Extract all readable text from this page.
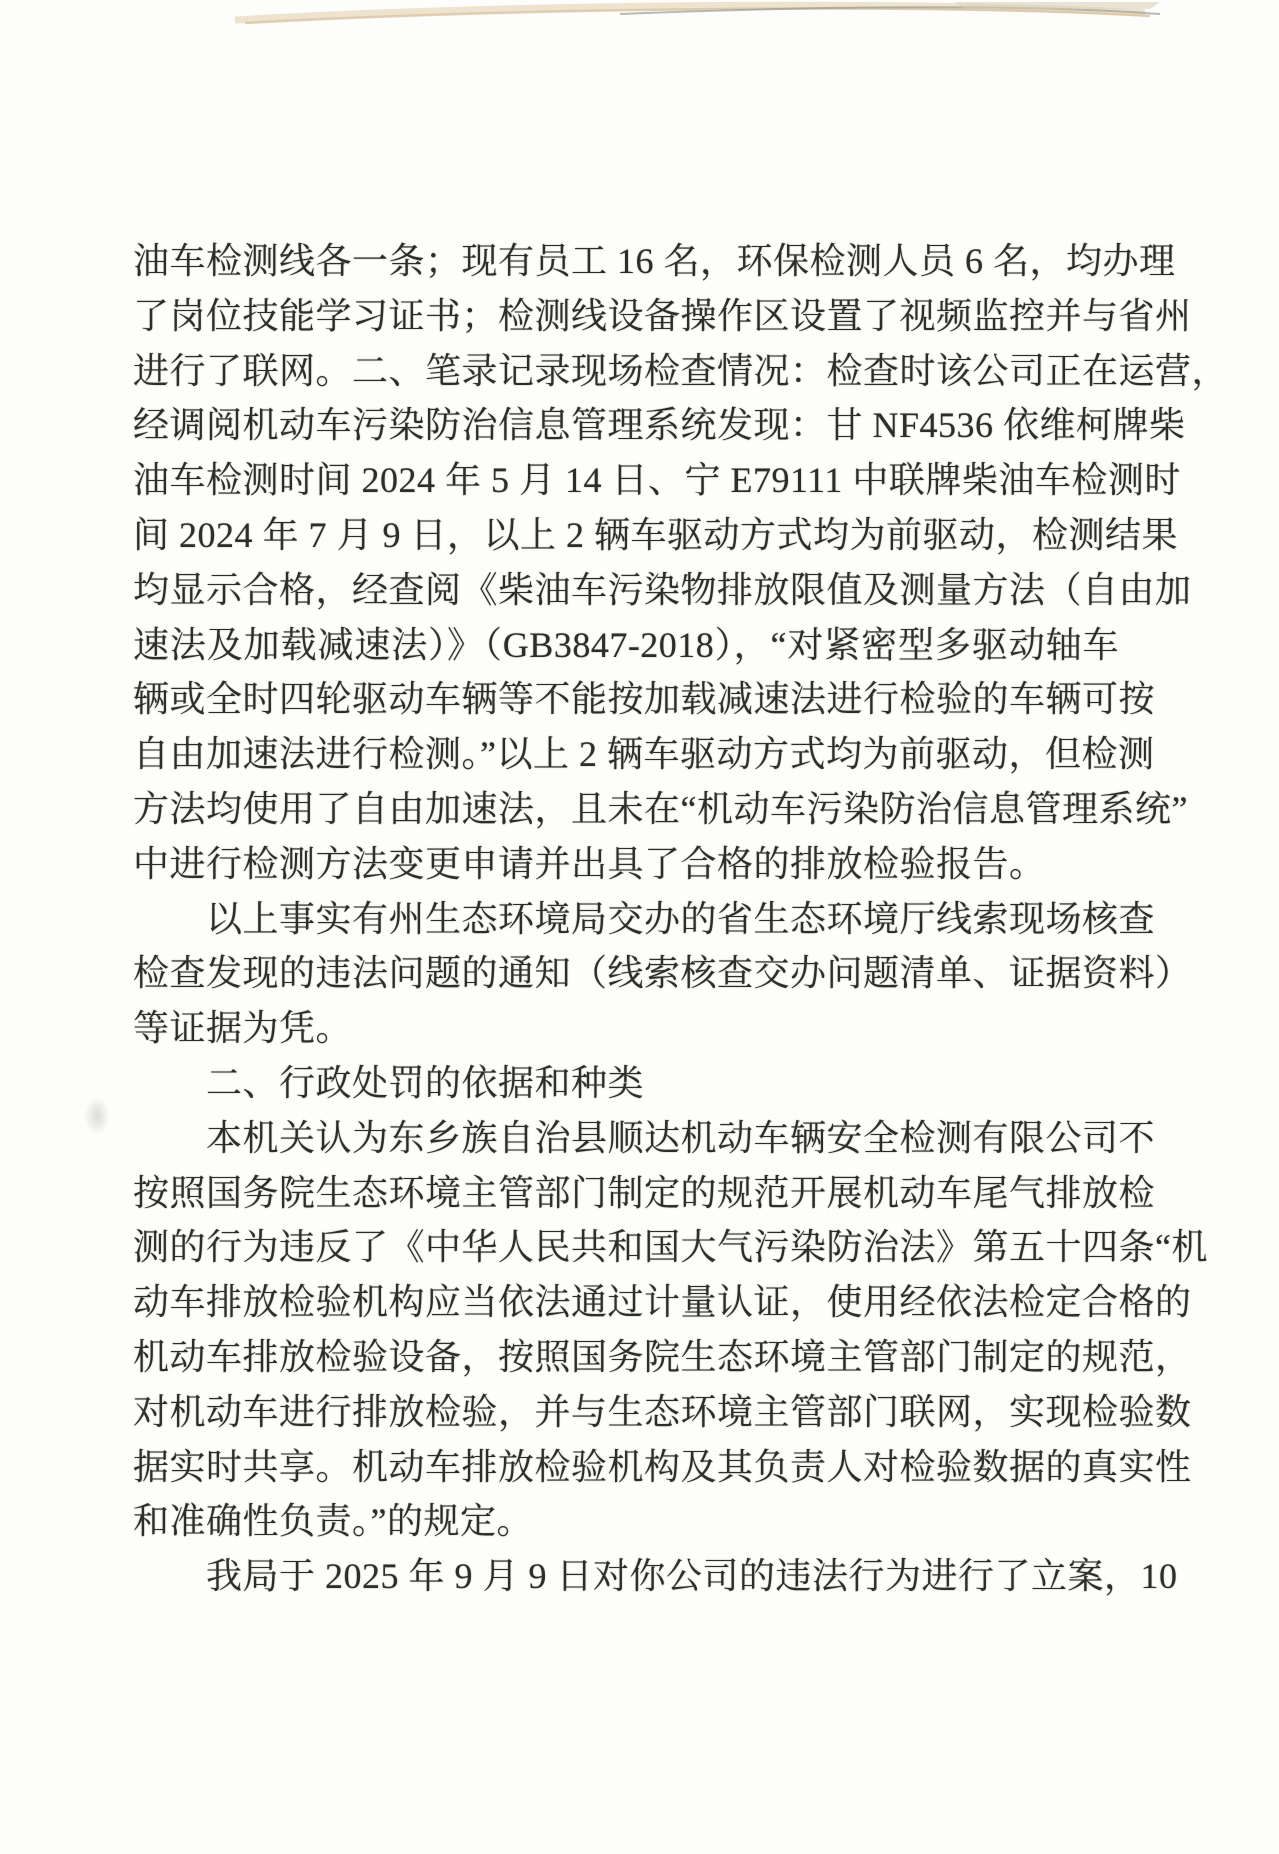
油车检测线各一条；现有员工 16 名，环保检测人员 6 名，均办理

了岗位技能学习证书；检测线设备操作区设置了视频监控并与省州

进行了联网。二、笔录记录现场检查情况：检查时该公司正在运营，

经调阅机动车污染防治信息管理系统发现：甘 NF4536 依维柯牌柴

油车检测时间 2024 年 5 月 14 日、宁 E79111 中联牌柴油车检测时

间 2024 年 7 月 9 日，以上 2 辆车驱动方式均为前驱动，检测结果

均显示合格，经查阅《柴油车污染物排放限值及测量方法（自由加

速法及加载减速法）》（GB3847-2018），“对紧密型多驱动轴车

辆或全时四轮驱动车辆等不能按加载减速法进行检验的车辆可按

自由加速法进行检测。”以上 2 辆车驱动方式均为前驱动，但检测

方法均使用了自由加速法，且未在“机动车污染防治信息管理系统”

中进行检测方法变更申请并出具了合格的排放检验报告。

以上事实有州生态环境局交办的省生态环境厅线索现场核查

检查发现的违法问题的通知（线索核查交办问题清单、证据资料）

等证据为凭。

二、行政处罚的依据和种类

本机关认为东乡族自治县顺达机动车辆安全检测有限公司不

按照国务院生态环境主管部门制定的规范开展机动车尾气排放检

测的行为违反了《中华人民共和国大气污染防治法》第五十四条“机

动车排放检验机构应当依法通过计量认证，使用经依法检定合格的

机动车排放检验设备，按照国务院生态环境主管部门制定的规范，

对机动车进行排放检验，并与生态环境主管部门联网，实现检验数

据实时共享。机动车排放检验机构及其负责人对检验数据的真实性

和准确性负责。”的规定。

我局于 2025 年 9 月 9 日对你公司的违法行为进行了立案，10
